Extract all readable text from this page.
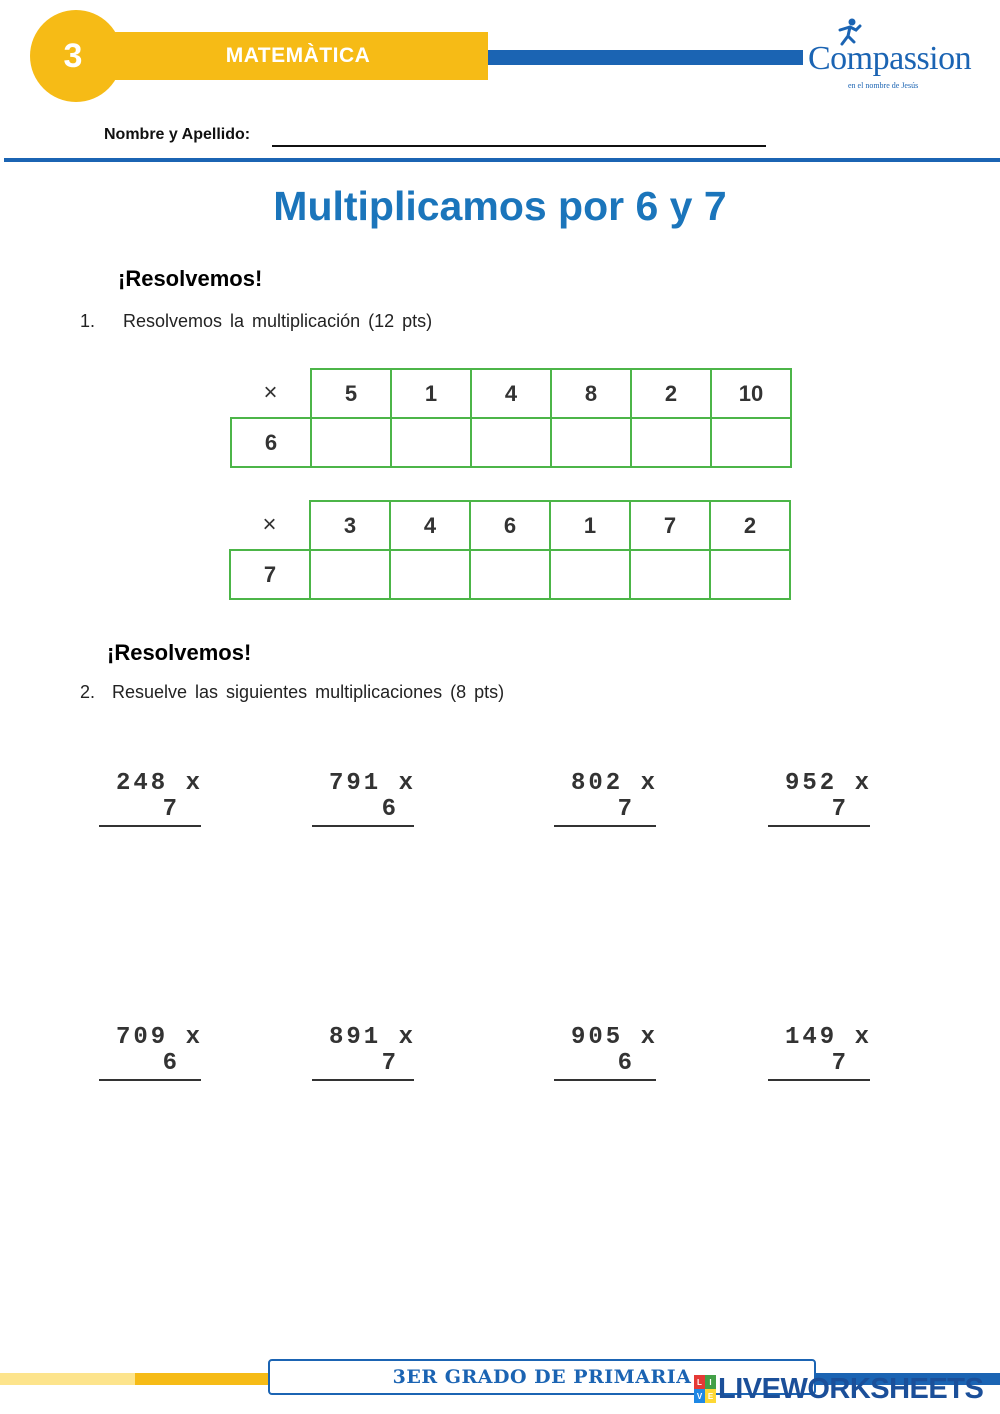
MATEMÀTICA
3	Compassion
en el nombre de Jesús
Nombre y Apellido:
Multiplicamos por 6 y 7
¡Resolvemos!
1. Resolvemos la multiplicación (12 pts)
×	5	1	4	8	2	10
6						
×	3	4	6	1	7	2
7						
¡Resolvemos!
2. Resuelve las siguientes multiplicaciones (8 pts)
248 x
7
791 x
6
802 x
7
952 x
7
709 x
6
891 x
7
905 x
6
149 x
7
3ER GRADO DE PRIMARIA L I
V E LIVEWORKSHEETS
